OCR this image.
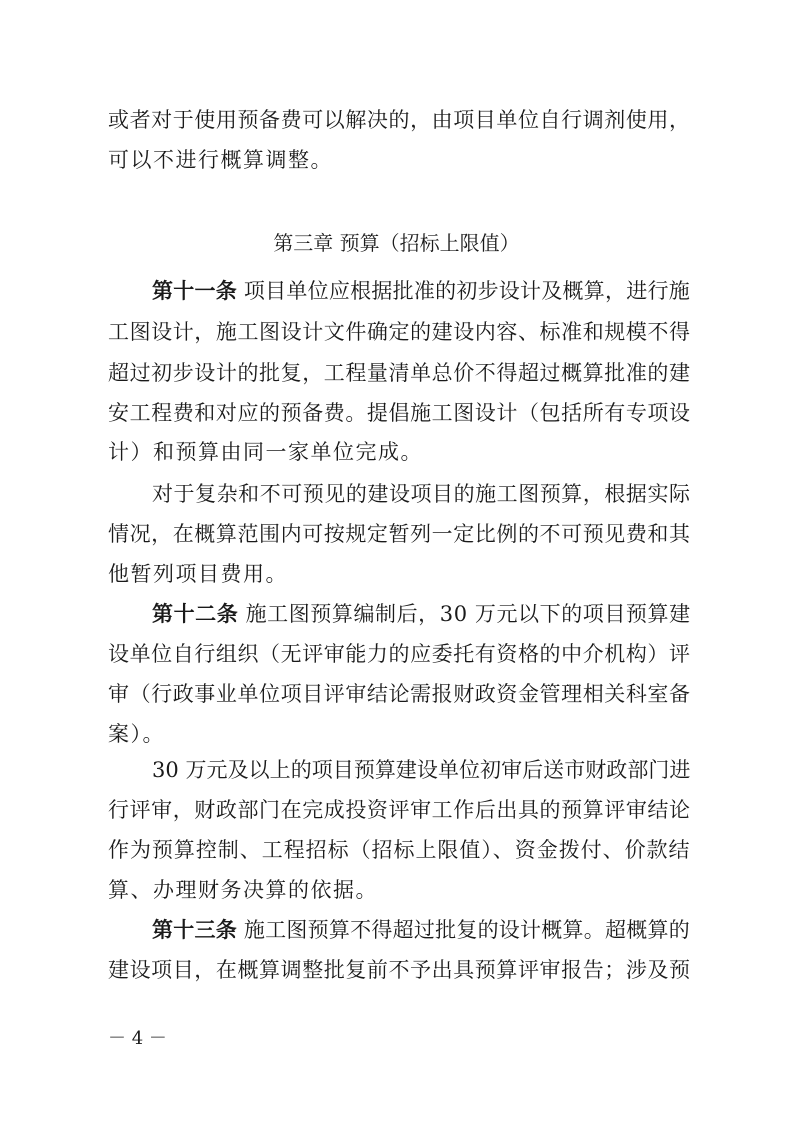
或者对于使用预备费可以解决的，由项目单位自行调剂使用，
可以不进行概算调整。
第三章 预算（招标上限值）
第十一条 项目单位应根据批准的初步设计及概算，进行施
工图设计，施工图设计文件确定的建设内容、标准和规模不得
超过初步设计的批复，工程量清单总价不得超过概算批准的建
安工程费和对应的预备费。提倡施工图设计（包括所有专项设
计）和预算由同一家单位完成。
对于复杂和不可预见的建设项目的施工图预算，根据实际
情况，在概算范围内可按规定暂列一定比例的不可预见费和其
他暂列项目费用。
第十二条 施工图预算编制后，30 万元以下的项目预算建
设单位自行组织（无评审能力的应委托有资格的中介机构）评
审（行政事业单位项目评审结论需报财政资金管理相关科室备
案）。
30 万元及以上的项目预算建设单位初审后送市财政部门进
行评审，财政部门在完成投资评审工作后出具的预算评审结论
作为预算控制、工程招标（招标上限值）、资金拨付、价款结
算、办理财务决算的依据。
第十三条 施工图预算不得超过批复的设计概算。超概算的
建设项目，在概算调整批复前不予出具预算评审报告；涉及预
－ 4 －
